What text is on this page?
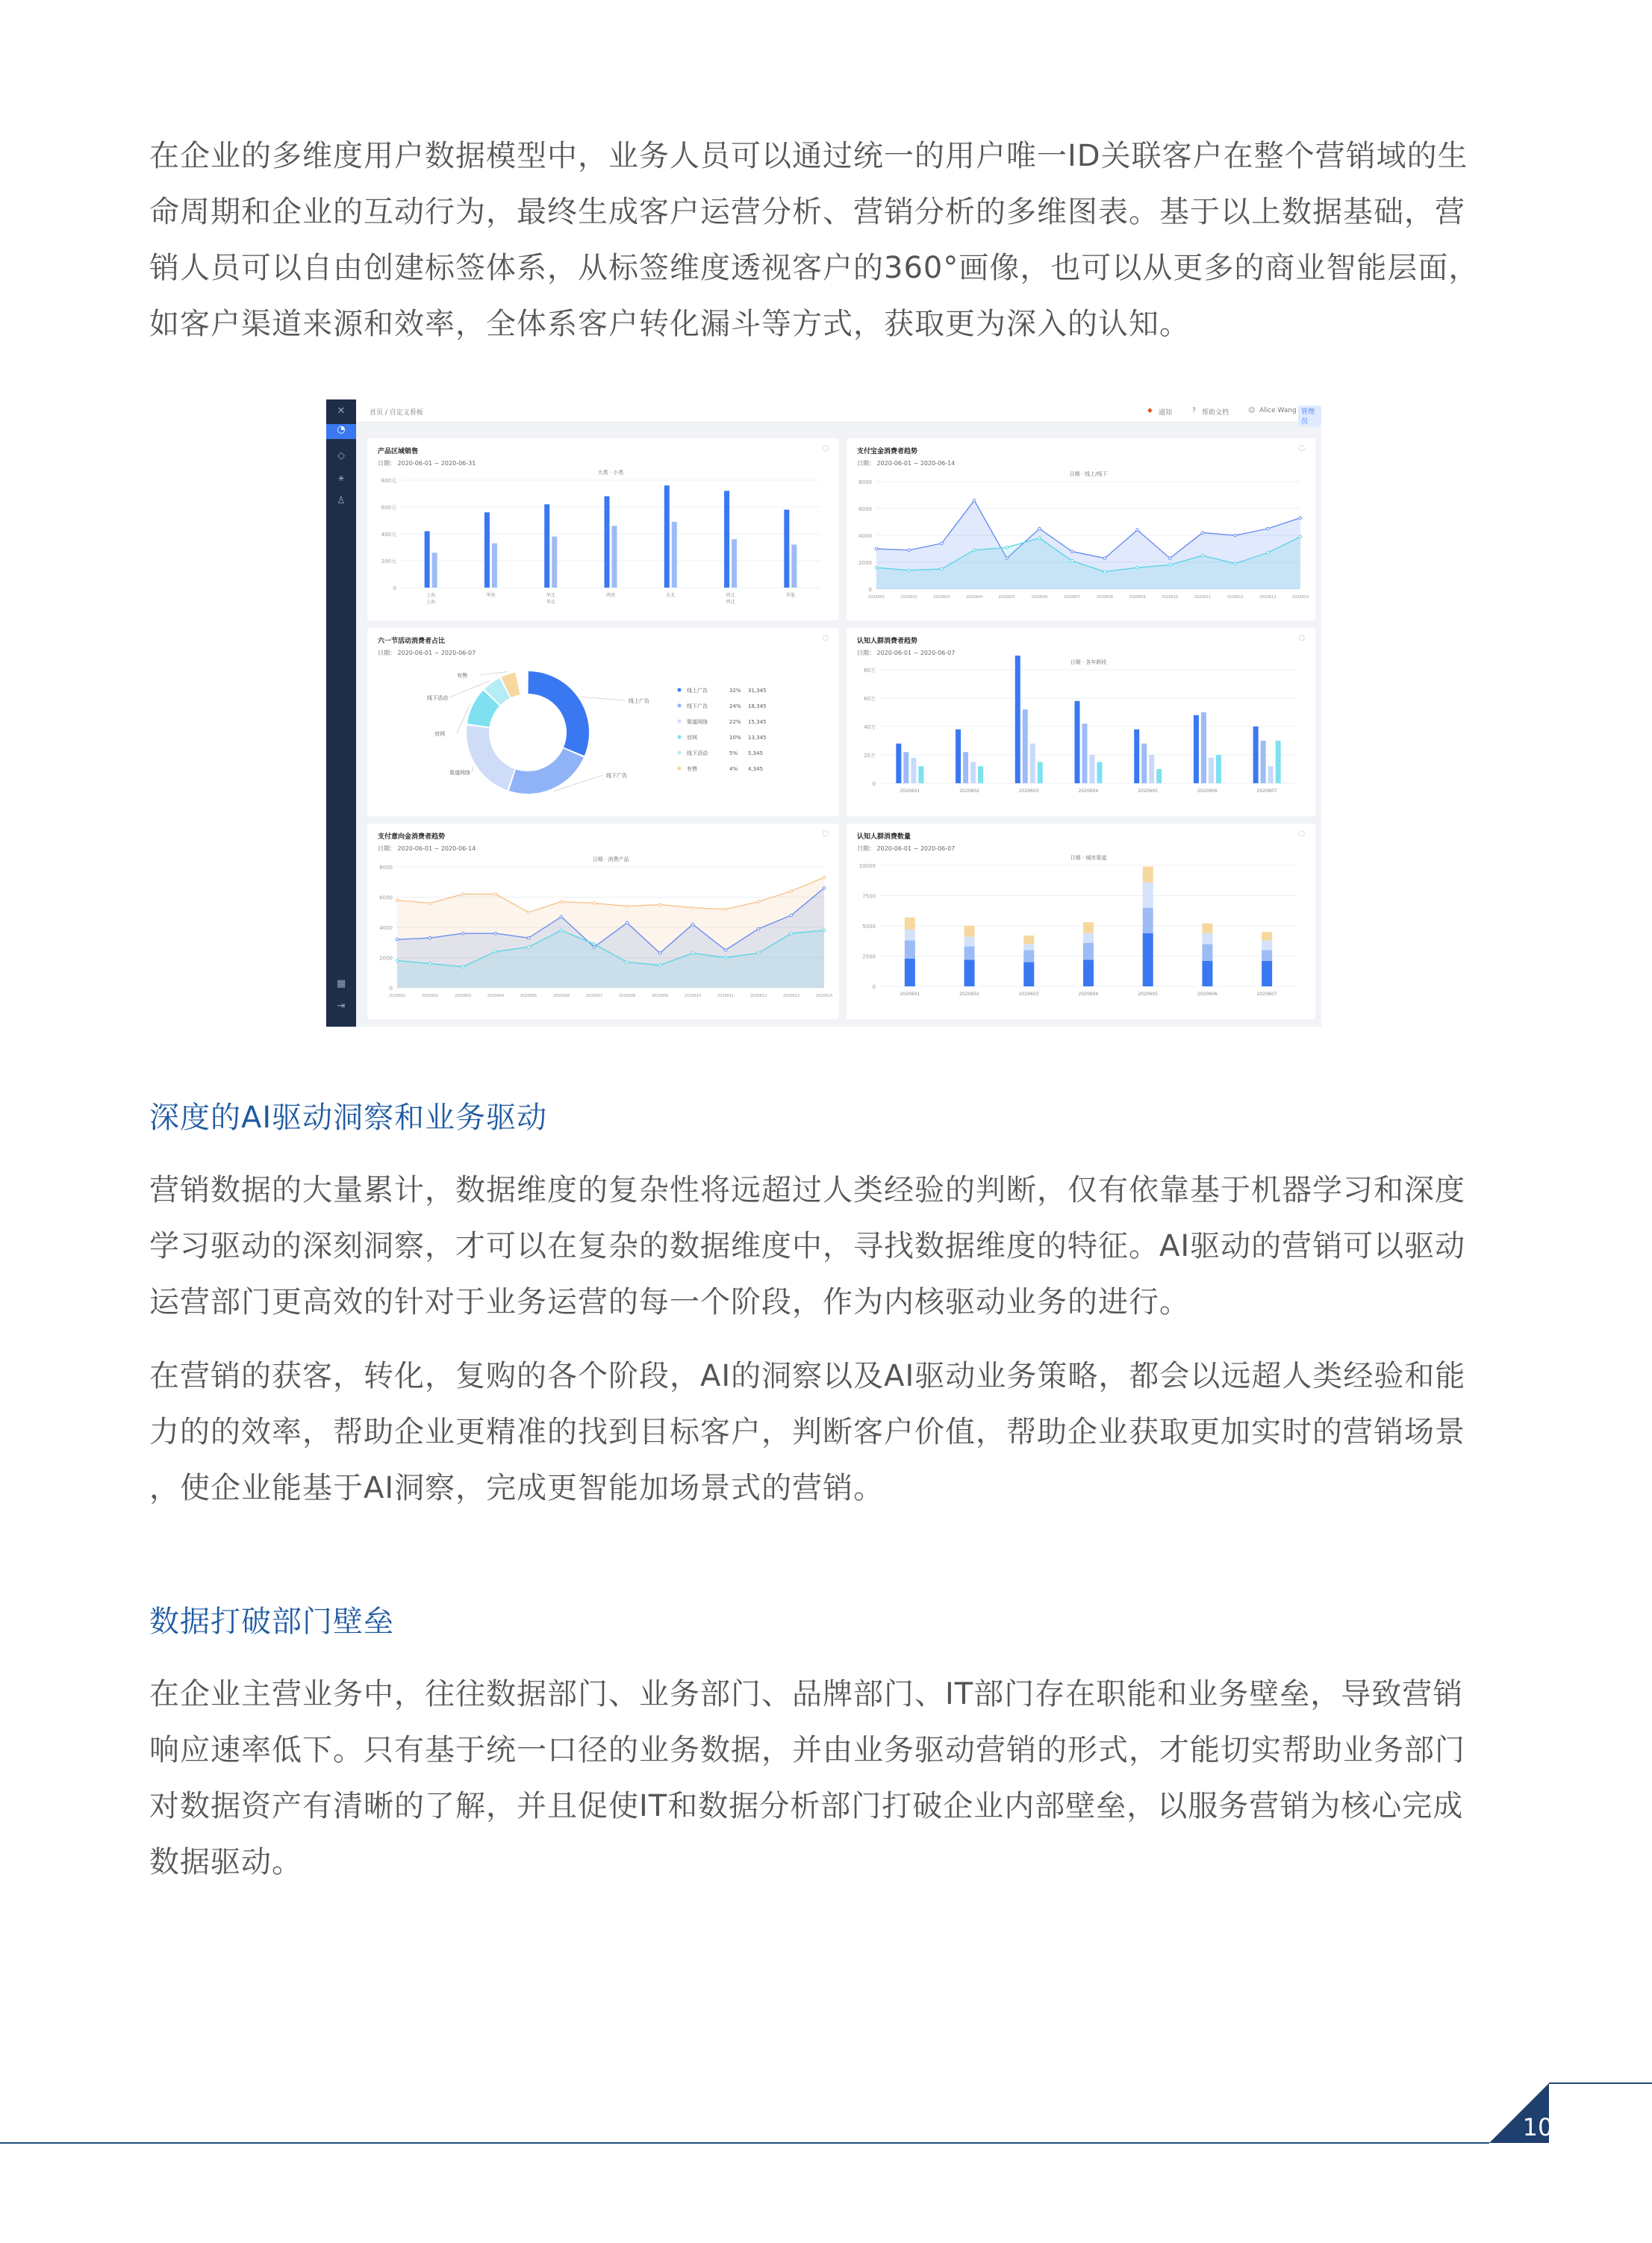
在企业的多维度用户数据模型中，业务人员可以通过统一的用户唯一ID关联客户在整个营销域的生

命周期和企业的互动行为，最终生成客户运营分析、营销分析的多维图表。基于以上数据基础，营

销人员可以自由创建标签体系，从标签维度透视客户的360°画像，也可以从更多的商业智能层面，

如客户渠道来源和效率，全体系客户转化漏斗等方式，获取更为深入的认知。

✕
◔
◇
⚹
♙
▦
⇥
首页 / 自定义看板	◆ 通知	? 帮助文档	☺ Alice Wang 管理员
产品区域销售
日期： 2020-06-01 ~ 2020-06-31
◌
800元
600元
400元
200元
0
大类 · 小类
上海
上海
华南	华北
华北
西南	东北	西北
西北
其他
支付宝金消费者趋势
日期： 2020-06-01 ~ 2020-06-14
◌
8000
6000
4000
2000
0
日期 · 线上/线下
2020601	2020602	2020603	2020604	2020605	2020606	2020607	2020608	2020609	2020610	2020611	2020612	2020613	2020614
六一节活动消费者占比
日期： 2020-06-01 ~ 2020-06-07
◌
线上广告
线下广告
渠道网络
官网
线下活动
有赞
线上广告	32% 31,345
线下广告	24% 18,345
渠道网络	22% 15,345
官网	10% 13,345
线下活动	5% 5,345
有赞	4% 4,345
认知人群消费者趋势
日期： 2020-06-01 ~ 2020-06-07
◌
80万
60万
40万
20万
0
日期 · 各年龄段
2020601	2020602	2020603	2020604	2020605	2020606	2020607
支付意向金消费者趋势
日期： 2020-06-01 ~ 2020-06-14
◌
8000
6000
4000
2000
0
日期 · 消费产品
2020601	2020602	2020603	2020604	2020605	2020606	2020607	2020608	2020609	2020610	2020611	2020612	2020613	2020614
认知人群消费数量
日期： 2020-06-01 ~ 2020-06-07
◌
10000
7500
5000
2500
0
日期 · 城市渠道
2020601	2020602	2020603	2020604	2020605	2020606	2020607
深度的AI驱动洞察和业务驱动

营销数据的大量累计，数据维度的复杂性将远超过人类经验的判断，仅有依靠基于机器学习和深度

学习驱动的深刻洞察，才可以在复杂的数据维度中，寻找数据维度的特征。AI驱动的营销可以驱动

运营部门更高效的针对于业务运营的每一个阶段，作为内核驱动业务的进行。

在营销的获客，转化，复购的各个阶段，AI的洞察以及AI驱动业务策略，都会以远超人类经验和能

力的的效率，帮助企业更精准的找到目标客户，判断客户价值，帮助企业获取更加实时的营销场景

，使企业能基于AI洞察，完成更智能加场景式的营销。

数据打破部门壁垒

在企业主营业务中，往往数据部门、业务部门、品牌部门、IT部门存在职能和业务壁垒，导致营销

响应速率低下。只有基于统一口径的业务数据，并由业务驱动营销的形式，才能切实帮助业务部门

对数据资产有清晰的了解，并且促使IT和数据分析部门打破企业内部壁垒，以服务营销为核心完成

数据驱动。

10
